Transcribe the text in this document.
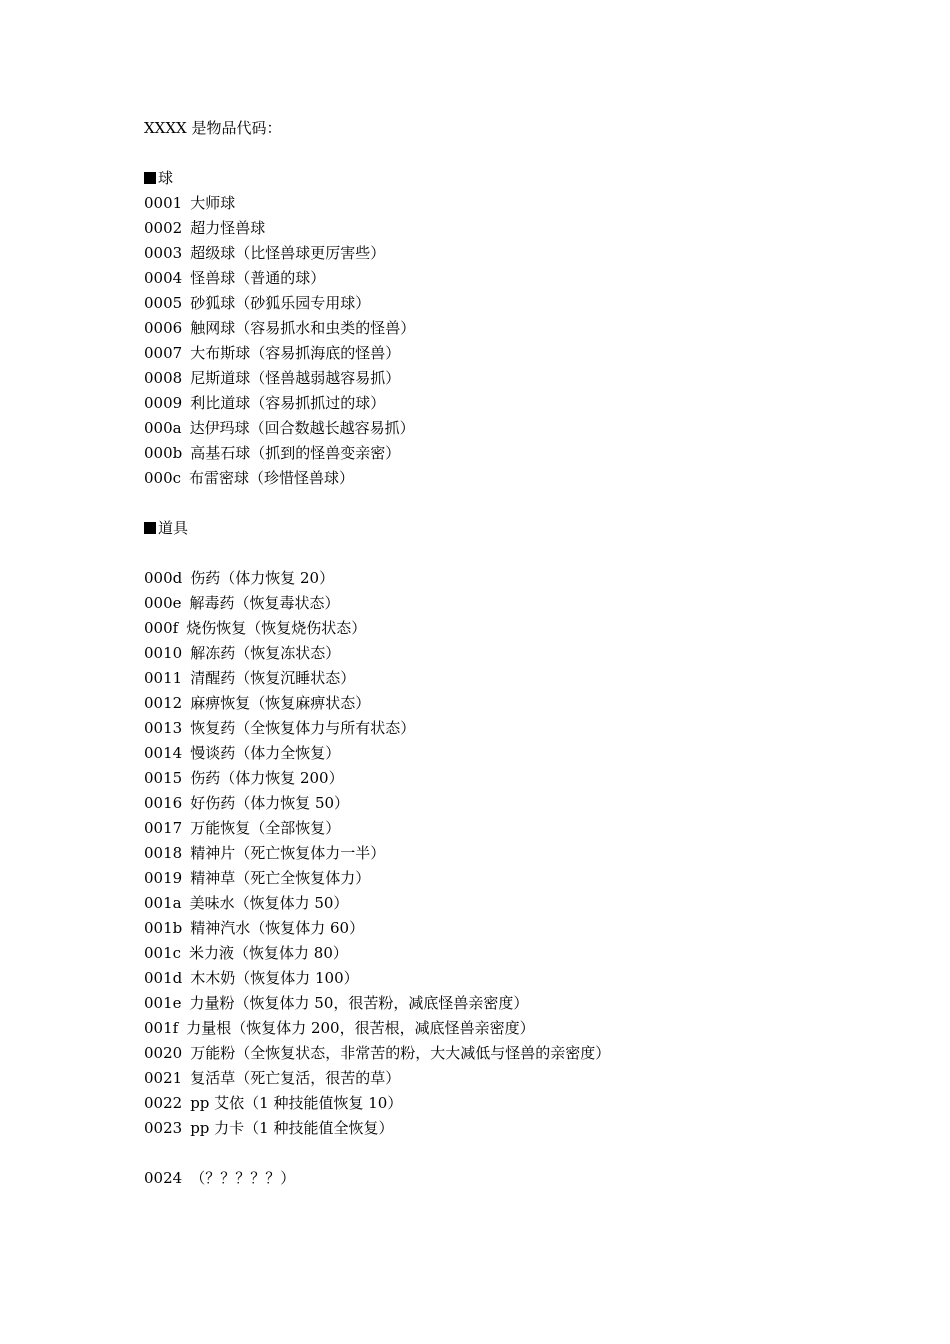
XXXX 是物品代码：
球
0001 大师球
0002 超力怪兽球
0003 超级球（比怪兽球更厉害些）
0004 怪兽球（普通的球）
0005 砂狐球（砂狐乐园专用球）
0006 触网球（容易抓水和虫类的怪兽）
0007 大布斯球（容易抓海底的怪兽）
0008 尼斯道球（怪兽越弱越容易抓）
0009 利比道球（容易抓抓过的球）
000a 达伊玛球（回合数越长越容易抓）
000b 高基石球（抓到的怪兽变亲密）
000c 布雷密球（珍惜怪兽球）
道具
000d 伤药（体力恢复 20）
000e 解毒药（恢复毒状态）
000f 烧伤恢复（恢复烧伤状态）
0010 解冻药（恢复冻状态）
0011 清醒药（恢复沉睡状态）
0012 麻痹恢复（恢复麻痹状态）
0013 恢复药（全恢复体力与所有状态）
0014 慢谈药（体力全恢复）
0015 伤药（体力恢复 200）
0016 好伤药（体力恢复 50）
0017 万能恢复（全部恢复）
0018 精神片（死亡恢复体力一半）
0019 精神草（死亡全恢复体力）
001a 美味水（恢复体力 50）
001b 精神汽水（恢复体力 60）
001c 米力液（恢复体力 80）
001d 木木奶（恢复体力 100）
001e 力量粉（恢复体力 50，很苦粉，减底怪兽亲密度）
001f 力量根（恢复体力 200，很苦根，减底怪兽亲密度）
0020 万能粉（全恢复状态，非常苦的粉，大大减低与怪兽的亲密度）
0021 复活草（死亡复活，很苦的草）
0022 pp 艾依（1 种技能值恢复 10）
0023 pp 力卡（1 种技能值全恢复）
0024 （？？？？？）
